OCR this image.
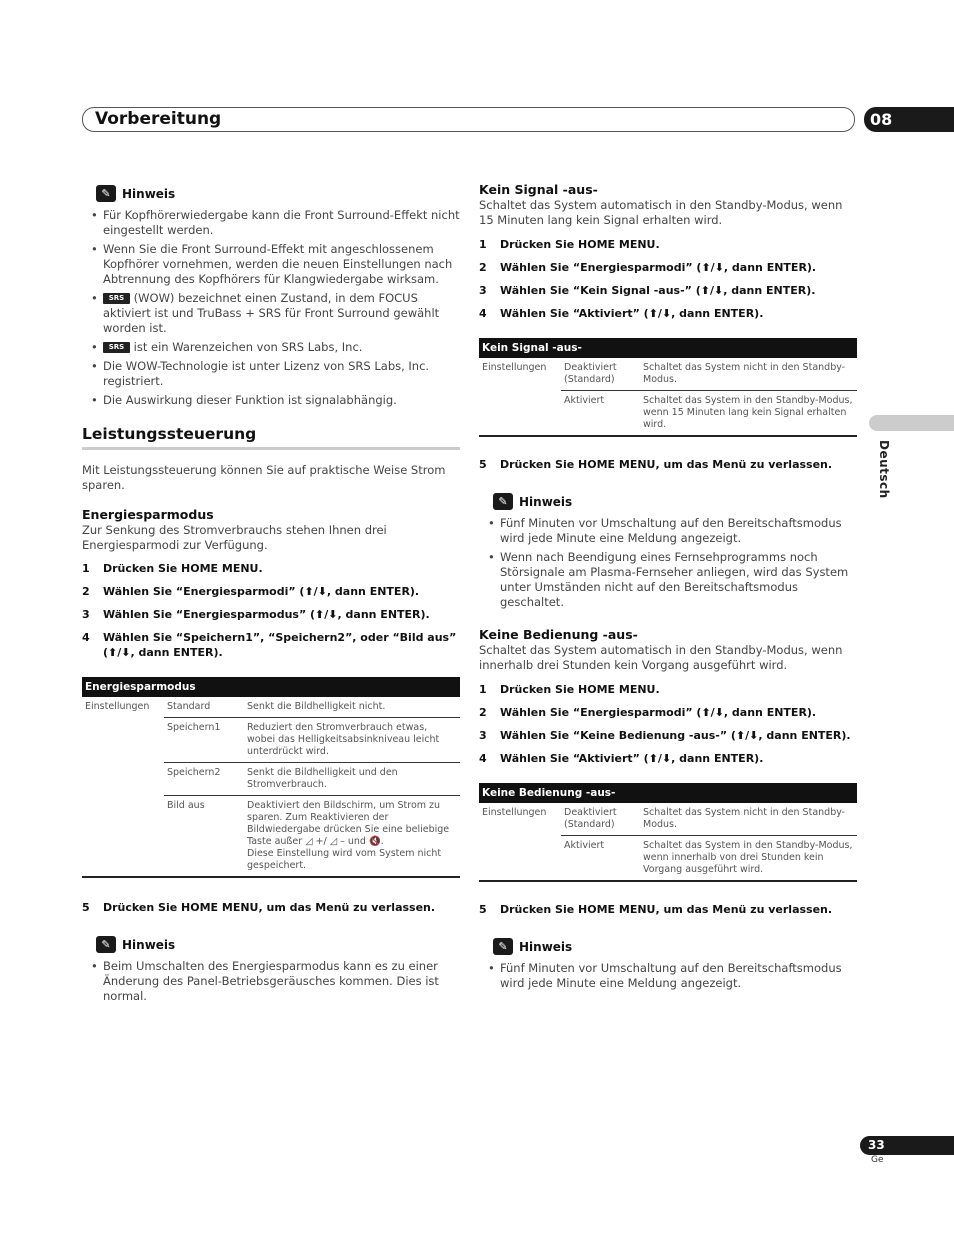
Vorbereitung	08
Deutsch
✎ Hinweis
• Für Kopfhörerwiedergabe kann die Front Surround-Effekt nicht eingestellt werden.
• Wenn Sie die Front Surround-Effekt mit angeschlossenem Kopfhörer vornehmen, werden die neuen Einstellungen nach Abtrennung des Kopfhörers für Klangwiedergabe wirksam.
• SRS (WOW) bezeichnet einen Zustand, in dem FOCUS aktiviert ist und TruBass + SRS für Front Surround gewählt worden ist.
• SRS ist ein Warenzeichen von SRS Labs, Inc.
• Die WOW-Technologie ist unter Lizenz von SRS Labs, Inc. registriert.
• Die Auswirkung dieser Funktion ist signalabhängig.
Leistungssteuerung

Mit Leistungssteuerung können Sie auf praktische Weise Strom sparen.

Energiesparmodus

Zur Senkung des Stromverbrauchs stehen Ihnen drei Energiesparmodi zur Verfügung.

1	Drücken Sie HOME MENU.
2	Wählen Sie “Energiesparmodi” (⬆/⬇, dann ENTER).
3	Wählen Sie “Energiesparmodus” (⬆/⬇, dann ENTER).
4	Wählen Sie “Speichern1”, “Speichern2”, oder “Bild aus” (⬆/⬇, dann ENTER).
Energiesparmodus		
Einstellungen	Standard	Senkt die Bildhelligkeit nicht.
	Speichern1	Reduziert den Stromverbrauch etwas, wobei das Helligkeitsabsinkniveau leicht unterdrückt wird.
	Speichern2	Senkt die Bildhelligkeit und den Stromverbrauch.
	Bild aus	Deaktiviert den Bildschirm, um Strom zu sparen. Zum Reaktivieren der Bildwiedergabe drücken Sie eine beliebige Taste außer ◿ +/ ◿ – und 🔇.
Diese Einstellung wird vom System nicht gespeichert.
5	Drücken Sie HOME MENU, um das Menü zu verlassen.
✎ Hinweis
• Beim Umschalten des Energiesparmodus kann es zu einer Änderung des Panel-Betriebsgeräusches kommen. Dies ist normal.
Kein Signal -aus-

Schaltet das System automatisch in den Standby-Modus, wenn 15 Minuten lang kein Signal erhalten wird.

1	Drücken Sie HOME MENU.
2	Wählen Sie “Energiesparmodi” (⬆/⬇, dann ENTER).
3	Wählen Sie “Kein Signal -aus-” (⬆/⬇, dann ENTER).
4	Wählen Sie “Aktiviert” (⬆/⬇, dann ENTER).
Kein Signal -aus-		
Einstellungen	Deaktiviert (Standard)	Schaltet das System nicht in den Standby-Modus.
	Aktiviert	Schaltet das System in den Standby-Modus, wenn 15 Minuten lang kein Signal erhalten wird.
5	Drücken Sie HOME MENU, um das Menü zu verlassen.
✎ Hinweis
• Fünf Minuten vor Umschaltung auf den Bereitschaftsmodus wird jede Minute eine Meldung angezeigt.
• Wenn nach Beendigung eines Fernsehprogramms noch Störsignale am Plasma-Fernseher anliegen, wird das System unter Umständen nicht auf den Bereitschaftsmodus geschaltet.
Keine Bedienung -aus-

Schaltet das System automatisch in den Standby-Modus, wenn innerhalb drei Stunden kein Vorgang ausgeführt wird.

1	Drücken Sie HOME MENU.
2	Wählen Sie “Energiesparmodi” (⬆/⬇, dann ENTER).
3	Wählen Sie “Keine Bedienung -aus-” (⬆/⬇, dann ENTER).
4	Wählen Sie “Aktiviert” (⬆/⬇, dann ENTER).
Keine Bedienung -aus-		
Einstellungen	Deaktiviert (Standard)	Schaltet das System nicht in den Standby-Modus.
	Aktiviert	Schaltet das System in den Standby-Modus, wenn innerhalb von drei Stunden kein Vorgang ausgeführt wird.
5	Drücken Sie HOME MENU, um das Menü zu verlassen.
✎ Hinweis
• Fünf Minuten vor Umschaltung auf den Bereitschaftsmodus wird jede Minute eine Meldung angezeigt.
33
Ge
